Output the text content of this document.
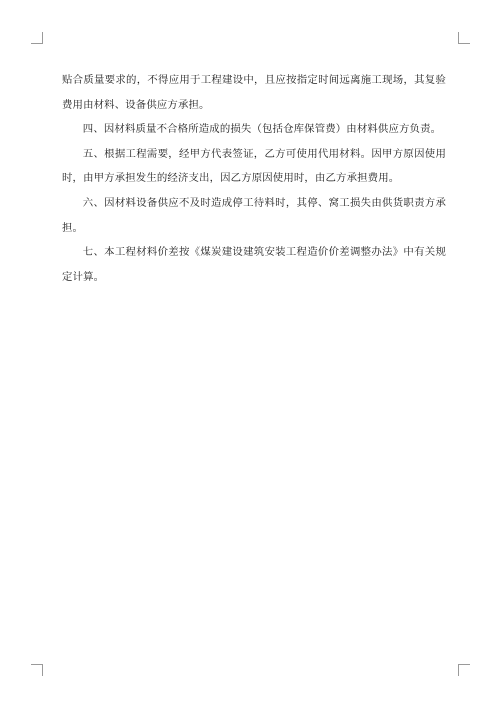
贴合质量要求的，不得应用于工程建设中，且应按指定时间远离施工现场，其复验费用由材料、设备供应方承担。

四、因材料质量不合格所造成的损失（包括仓库保管费）由材料供应方负责。

五、根据工程需要，经甲方代表签证，乙方可使用代用材料。因甲方原因使用时，由甲方承担发生的经济支出，因乙方原因使用时，由乙方承担费用。

六、因材料设备供应不及时造成停工待料时，其停、窝工损失由供货职责方承担。

七、本工程材料价差按《煤炭建设建筑安装工程造价价差调整办法》中有关规定计算。
